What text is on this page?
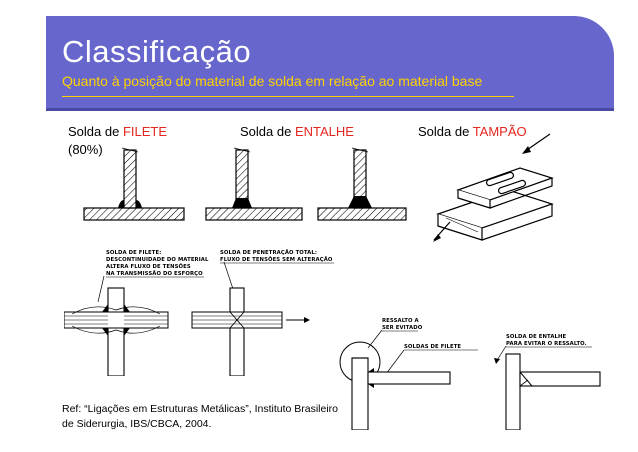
Classificação
Quanto à posição do material de solda em relação ao material base
Solda de FILETE
(80%)
Solda de ENTALHE	Solda de TAMPÃO
SOLDA DE FILETE:
DESCONTINUIDADE DO MATERIAL
ALTERA FLUXO DE TENSÕES
NA TRANSMISSÃO DO ESFORÇO
SOLDA DE PENETRAÇÃO TOTAL:
FLUXO DE TENSÕES SEM ALTERAÇÃO
RESSALTO A
SER EVITADO
SOLDAS DE FILETE
SOLDA DE ENTALHE
PARA EVITAR O RESSALTO.
Ref: “Ligações em Estruturas Metálicas”, Instituto Brasileiro de Siderurgia, IBS/CBCA, 2004.
